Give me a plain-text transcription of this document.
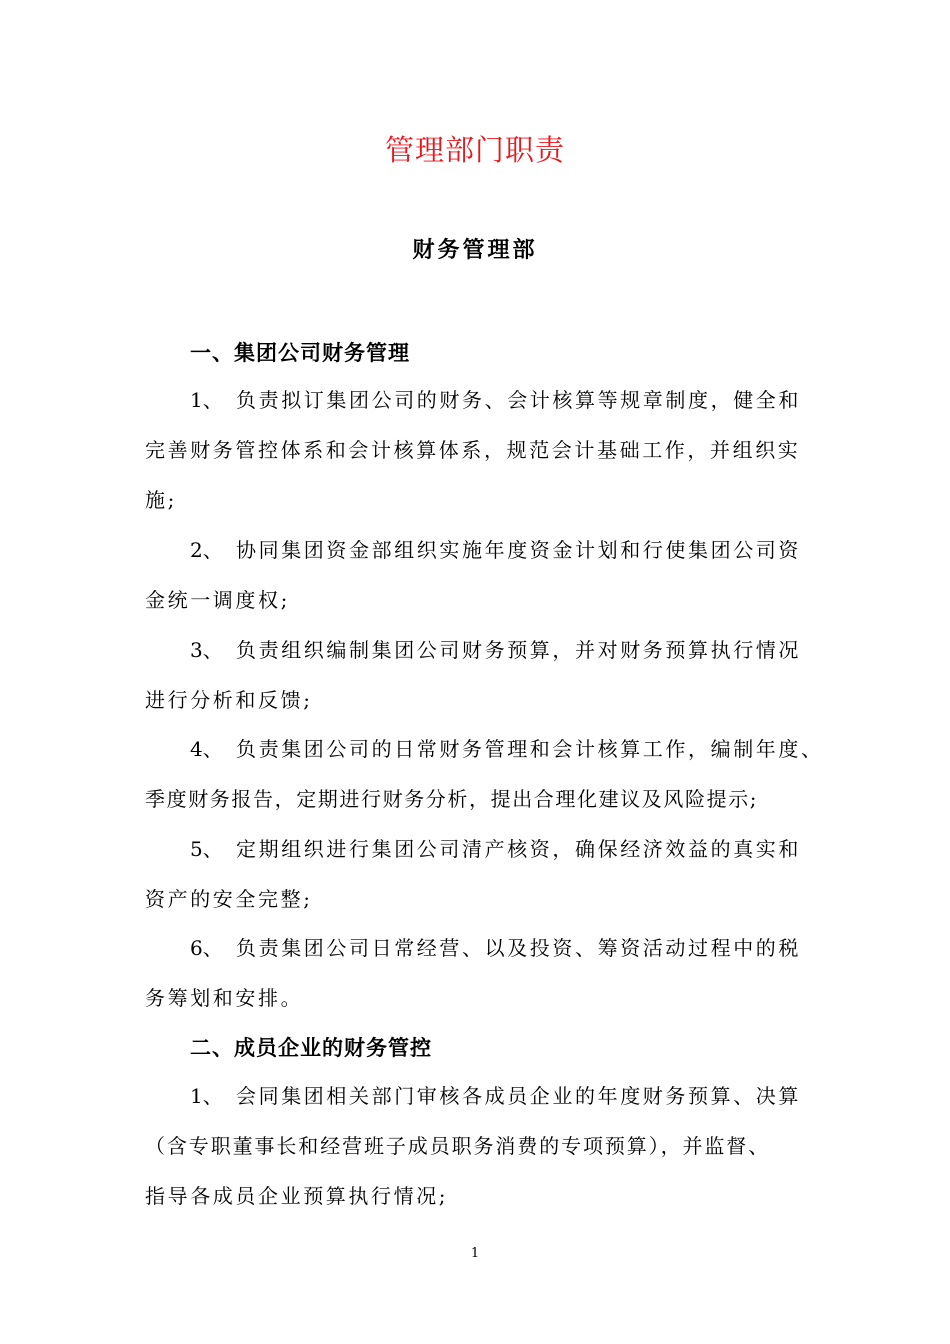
管理部门职责
财务管理部
一、集团公司财务管理
1、 负责拟订集团公司的财务、会计核算等规章制度，健全和
完善财务管控体系和会计核算体系，规范会计基础工作，并组织实
施;
2、 协同集团资金部组织实施年度资金计划和行使集团公司资
金统一调度权;
3、 负责组织编制集团公司财务预算，并对财务预算执行情况
进行分析和反馈;
4、 负责集团公司的日常财务管理和会计核算工作，编制年度、
季度财务报告，定期进行财务分析，提出合理化建议及风险提示;
5、 定期组织进行集团公司清产核资，确保经济效益的真实和
资产的安全完整;
6、 负责集团公司日常经营、以及投资、筹资活动过程中的税
务筹划和安排。
二、成员企业的财务管控
1、 会同集团相关部门审核各成员企业的年度财务预算、决算
（含专职董事长和经营班子成员职务消费的专项预算），并监督、
指导各成员企业预算执行情况;
1
